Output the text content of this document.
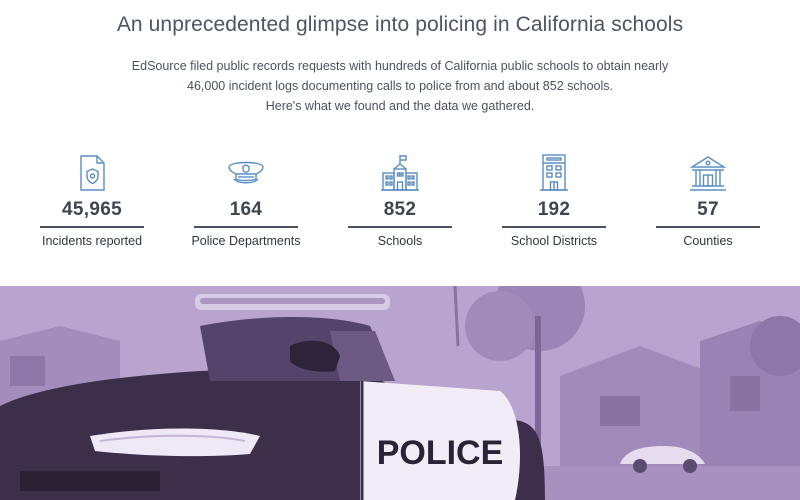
An unprecedented glimpse into policing in California schools

EdSource filed public records requests with hundreds of California public schools to obtain nearly
46,000 incident logs documenting calls to police from and about 852 schools.
Here's what we found and the data we gathered.

45,965
Incidents reported
164
Police Departments
852
Schools
192
School Districts
57
Counties
POLICE
